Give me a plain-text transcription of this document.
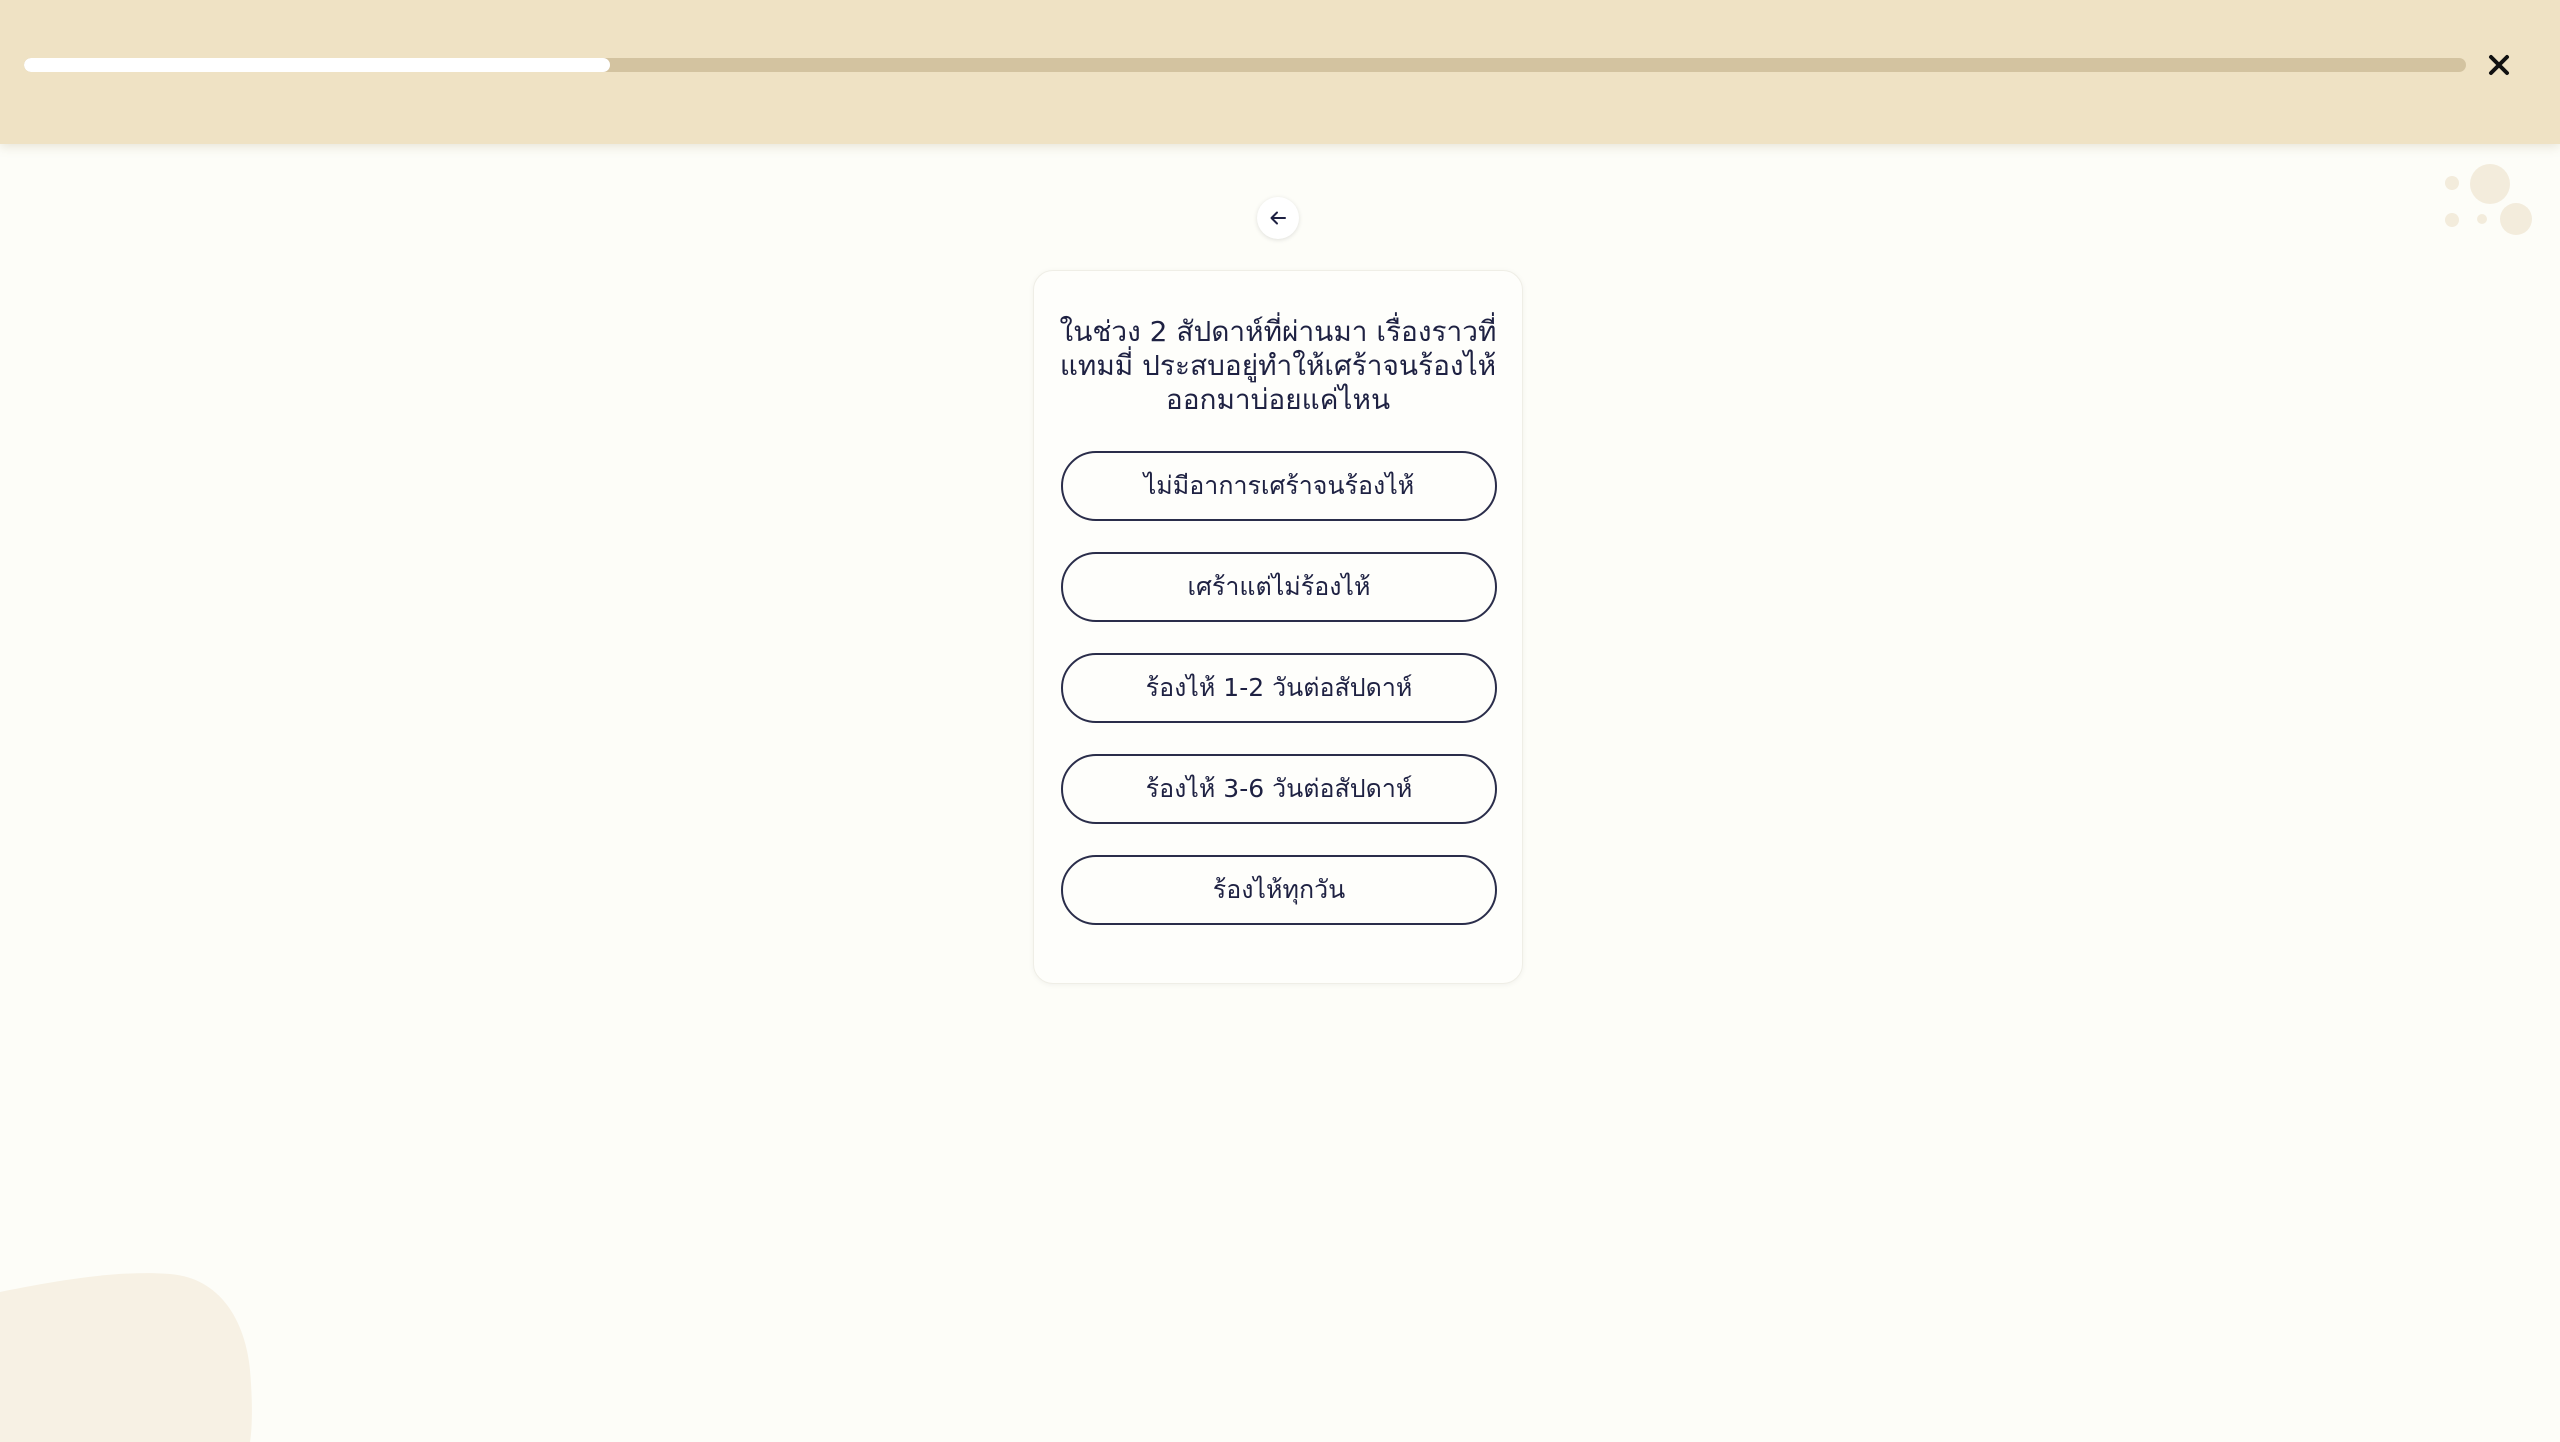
ในช่วง 2 สัปดาห์ที่ผ่านมา เรื่องราวที่แทมมี่ ประสบอยู่ทำให้เศร้าจนร้องไห้ออกมาบ่อยแค่ไหน

ไม่มีอาการเศร้าจนร้องไห้
เศร้าแต่ไม่ร้องไห้
ร้องไห้ 1-2 วันต่อสัปดาห์
ร้องไห้ 3-6 วันต่อสัปดาห์
ร้องไห้ทุกวัน
